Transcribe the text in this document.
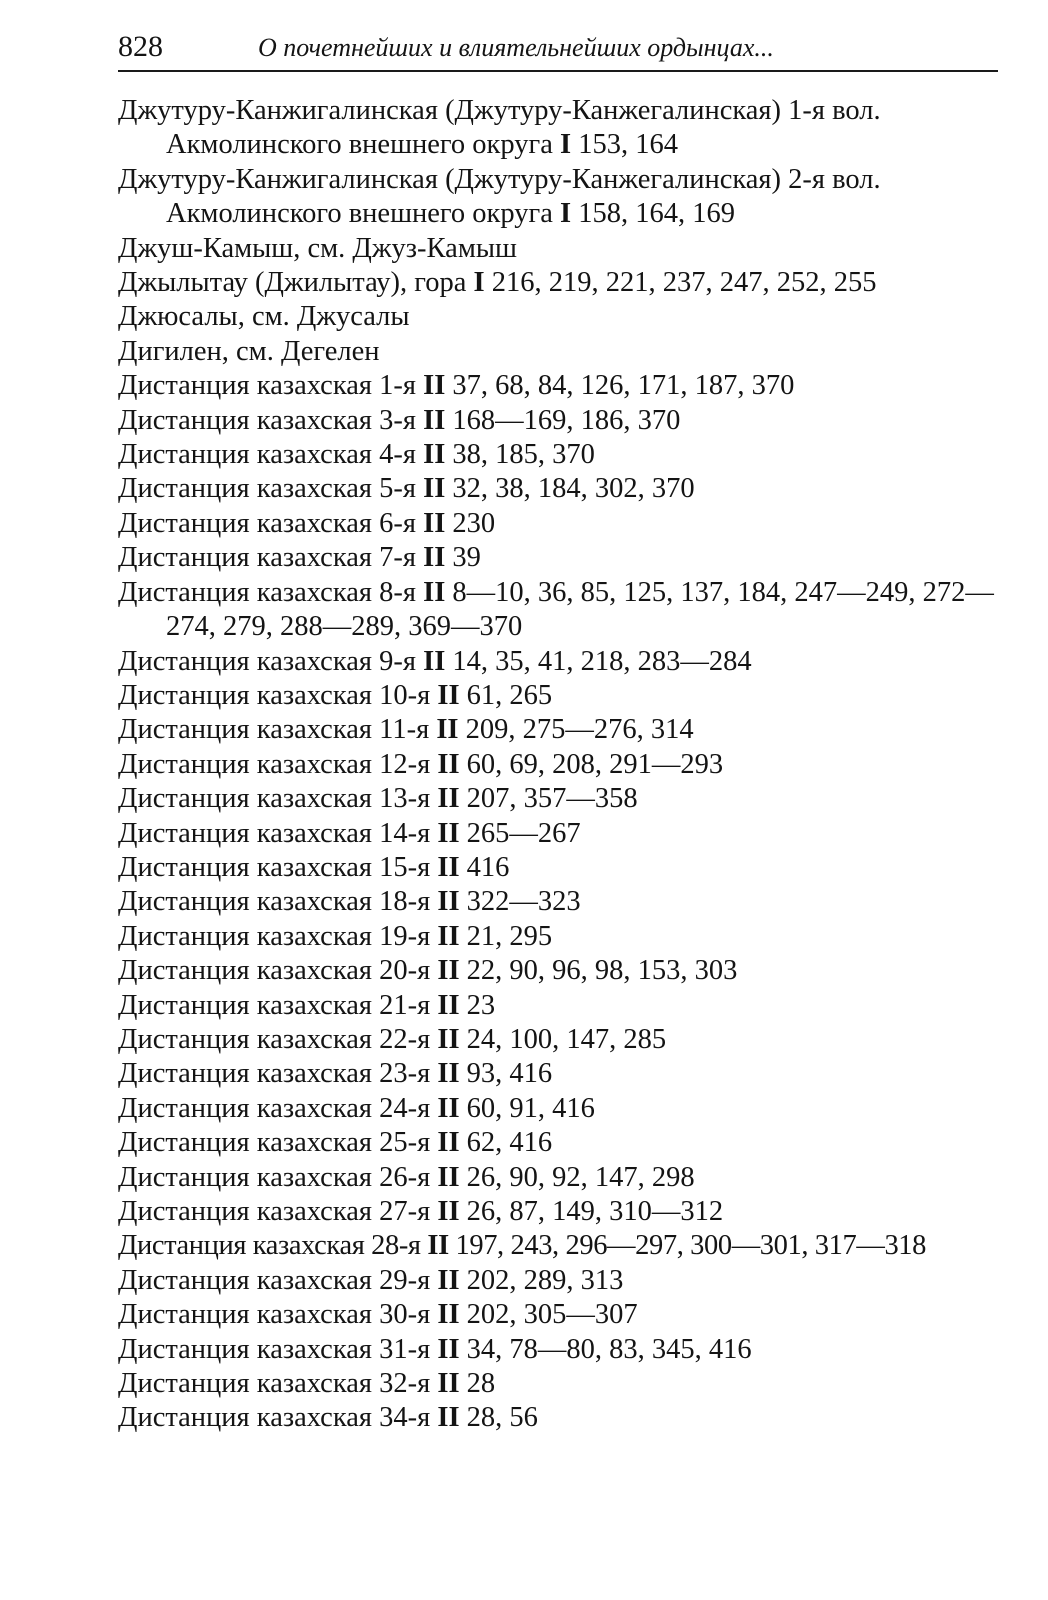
828	О почетнейших и влиятельнейших ордынцах...
Джутуру-Канжигалинская (Джутуру-Канжегалинская) 1-я вол. Акмолинского внешнего округа I 153, 164
Джутуру-Канжигалинская (Джутуру-Канжегалинская) 2-я вол. Акмолинского внешнего округа I 158, 164, 169
Джуш-Камыш, см. Джуз-Камыш
Джылытау (Джилытау), гора I 216, 219, 221, 237, 247, 252, 255
Джюсалы, см. Джусалы
Дигилен, см. Дегелен
Дистанция казахская 1-я II 37, 68, 84, 126, 171, 187, 370
Дистанция казахская 3-я II 168—169, 186, 370
Дистанция казахская 4-я II 38, 185, 370
Дистанция казахская 5-я II 32, 38, 184, 302, 370
Дистанция казахская 6-я II 230
Дистанция казахская 7-я II 39
Дистанция казахская 8-я II 8—10, 36, 85, 125, 137, 184, 247—249, 272—274, 279, 288—289, 369—370
Дистанция казахская 9-я II 14, 35, 41, 218, 283—284
Дистанция казахская 10-я II 61, 265
Дистанция казахская 11-я II 209, 275—276, 314
Дистанция казахская 12-я II 60, 69, 208, 291—293
Дистанция казахская 13-я II 207, 357—358
Дистанция казахская 14-я II 265—267
Дистанция казахская 15-я II 416
Дистанция казахская 18-я II 322—323
Дистанция казахская 19-я II 21, 295
Дистанция казахская 20-я II 22, 90, 96, 98, 153, 303
Дистанция казахская 21-я II 23
Дистанция казахская 22-я II 24, 100, 147, 285
Дистанция казахская 23-я II 93, 416
Дистанция казахская 24-я II 60, 91, 416
Дистанция казахская 25-я II 62, 416
Дистанция казахская 26-я II 26, 90, 92, 147, 298
Дистанция казахская 27-я II 26, 87, 149, 310—312
Дистанция казахская 28-я II 197, 243, 296—297, 300—301, 317—318
Дистанция казахская 29-я II 202, 289, 313
Дистанция казахская 30-я II 202, 305—307
Дистанция казахская 31-я II 34, 78—80, 83, 345, 416
Дистанция казахская 32-я II 28
Дистанция казахская 34-я II 28, 56
